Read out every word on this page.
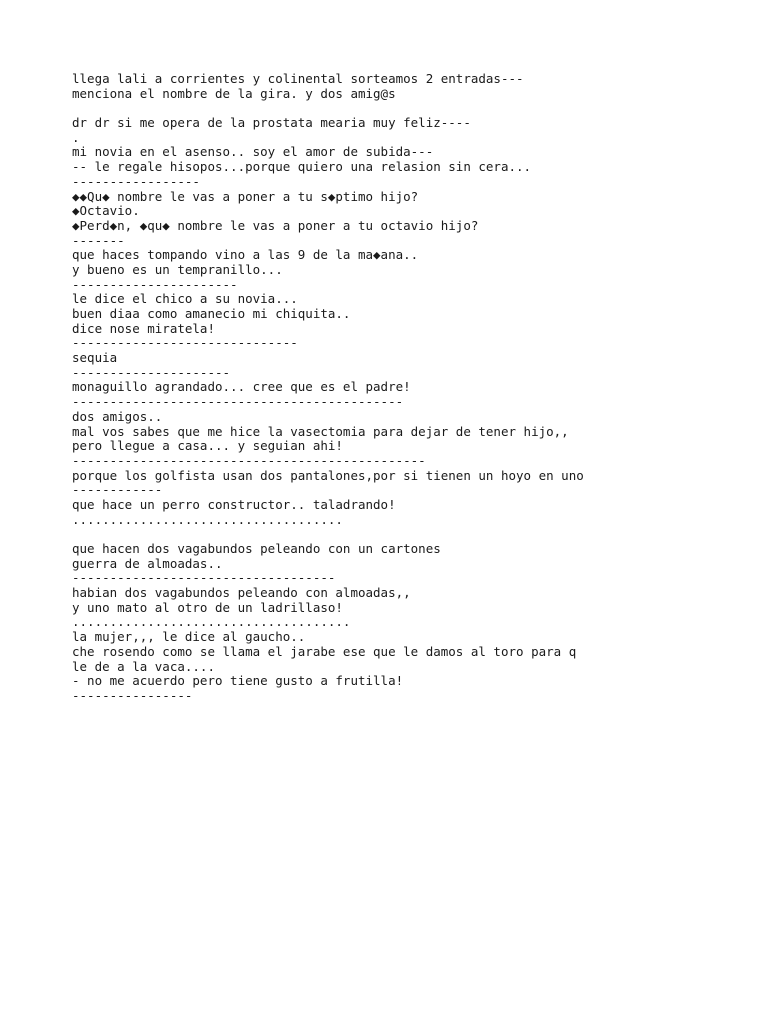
llega lali a corrientes y colinental sorteamos 2 entradas---
menciona el nombre de la gira. y dos amig@s
dr dr si me opera de la prostata mearia muy feliz----
.
mi novia en el asenso.. soy el amor de subida---
-- le regale hisopos...porque quiero una relasion sin cera...
-----------------
◆◆Qu◆ nombre le vas a poner a tu s◆ptimo hijo?
◆Octavio.
◆Perd◆n, ◆qu◆ nombre le vas a poner a tu octavio hijo?
-------
que haces tompando vino a las 9 de la ma◆ana..
y bueno es un tempranillo...
----------------------
le dice el chico a su novia...
buen diaa como amanecio mi chiquita..
dice nose miratela!
------------------------------
sequia
---------------------
monaguillo agrandado... cree que es el padre!
--------------------------------------------
dos amigos..
mal vos sabes que me hice la vasectomia para dejar de tener hijo,,
pero llegue a casa... y seguian ahi!
-----------------------------------------------
porque los golfista usan dos pantalones,por si tienen un hoyo en uno
------------
que hace un perro constructor.. taladrando!
....................................
que hacen dos vagabundos peleando con un cartones
guerra de almoadas..
-----------------------------------
habian dos vagabundos peleando con almoadas,,
y uno mato al otro de un ladrillaso!
.....................................
la mujer,,, le dice al gaucho..
che rosendo como se llama el jarabe ese que le damos al toro para q
le de a la vaca....
- no me acuerdo pero tiene gusto a frutilla!
----------------
